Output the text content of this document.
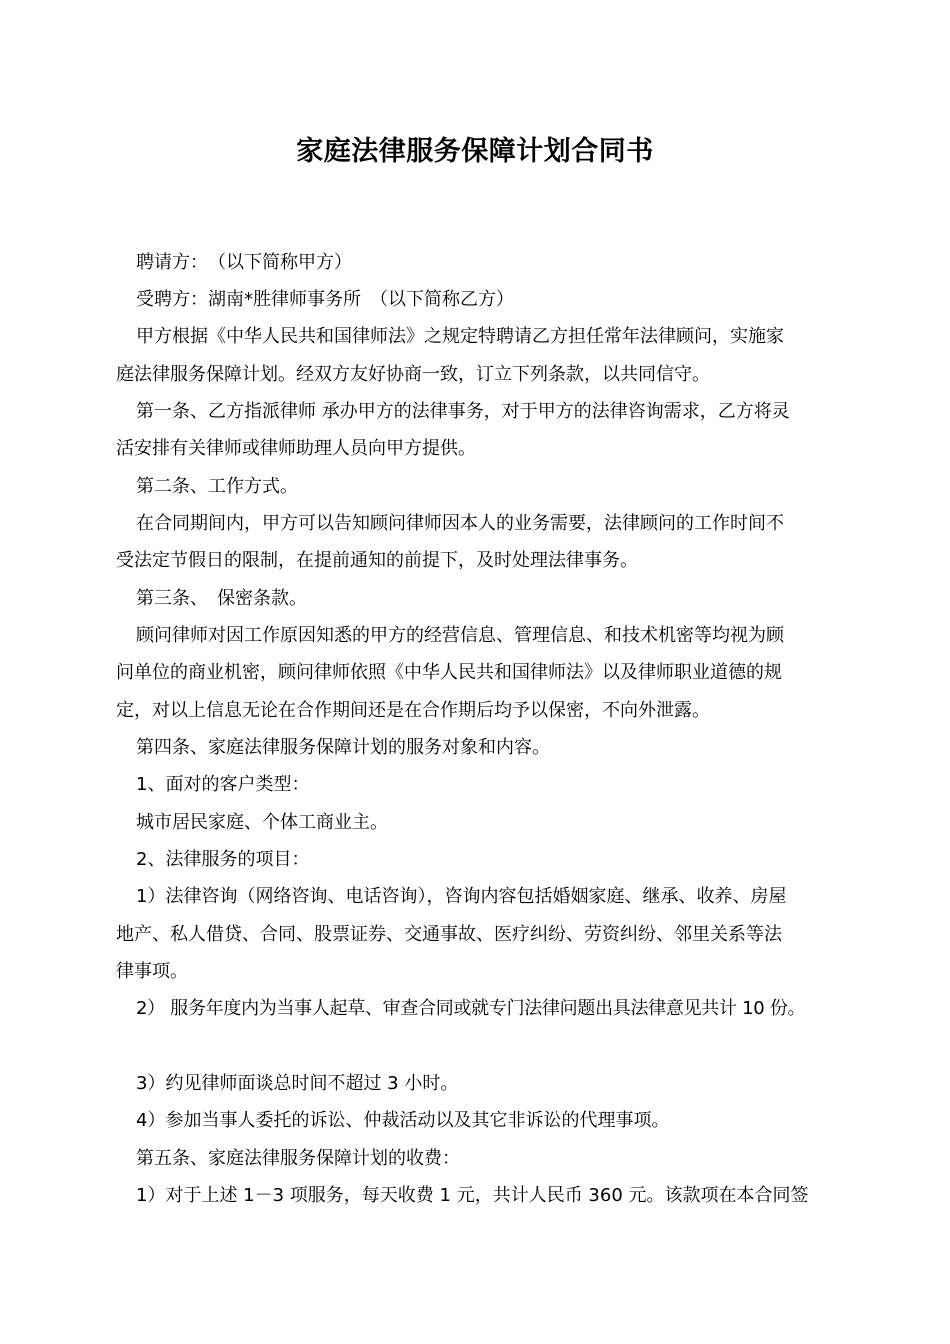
家庭法律服务保障计划合同书
聘请方：　（以下简称甲方）
受聘方：湖南*胜律师事务所　（以下简称乙方）
甲方根据《中华人民共和国律师法》之规定特聘请乙方担任常年法律顾问，实施家
庭法律服务保障计划。经双方友好协商一致，订立下列条款，以共同信守。
第一条、乙方指派律师 承办甲方的法律事务，对于甲方的法律咨询需求，乙方将灵
活安排有关律师或律师助理人员向甲方提供。
第二条、工作方式。
在合同期间内，甲方可以告知顾问律师因本人的业务需要，法律顾问的工作时间不
受法定节假日的限制，在提前通知的前提下，及时处理法律事务。
第三条、　保密条款。
顾问律师对因工作原因知悉的甲方的经营信息、管理信息、和技术机密等均视为顾
问单位的商业机密，顾问律师依照《中华人民共和国律师法》以及律师职业道德的规
定，对以上信息无论在合作期间还是在合作期后均予以保密，不向外泄露。
第四条、家庭法律服务保障计划的服务对象和内容。
1、面对的客户类型：
城市居民家庭、个体工商业主。
2、法律服务的项目：
1）法律咨询（网络咨询、电话咨询），咨询内容包括婚姻家庭、继承、收养、房屋
地产、私人借贷、合同、股票证券、交通事故、医疗纠纷、劳资纠纷、邻里关系等法
律事项。
2） 服务年度内为当事人起草、审查合同或就专门法律问题出具法律意见共计 10 份。
3）约见律师面谈总时间不超过 3 小时。
4）参加当事人委托的诉讼、仲裁活动以及其它非诉讼的代理事项。
第五条、家庭法律服务保障计划的收费：
1）对于上述 1－3 项服务，每天收费 1 元，共计人民币 360 元。该款项在本合同签
